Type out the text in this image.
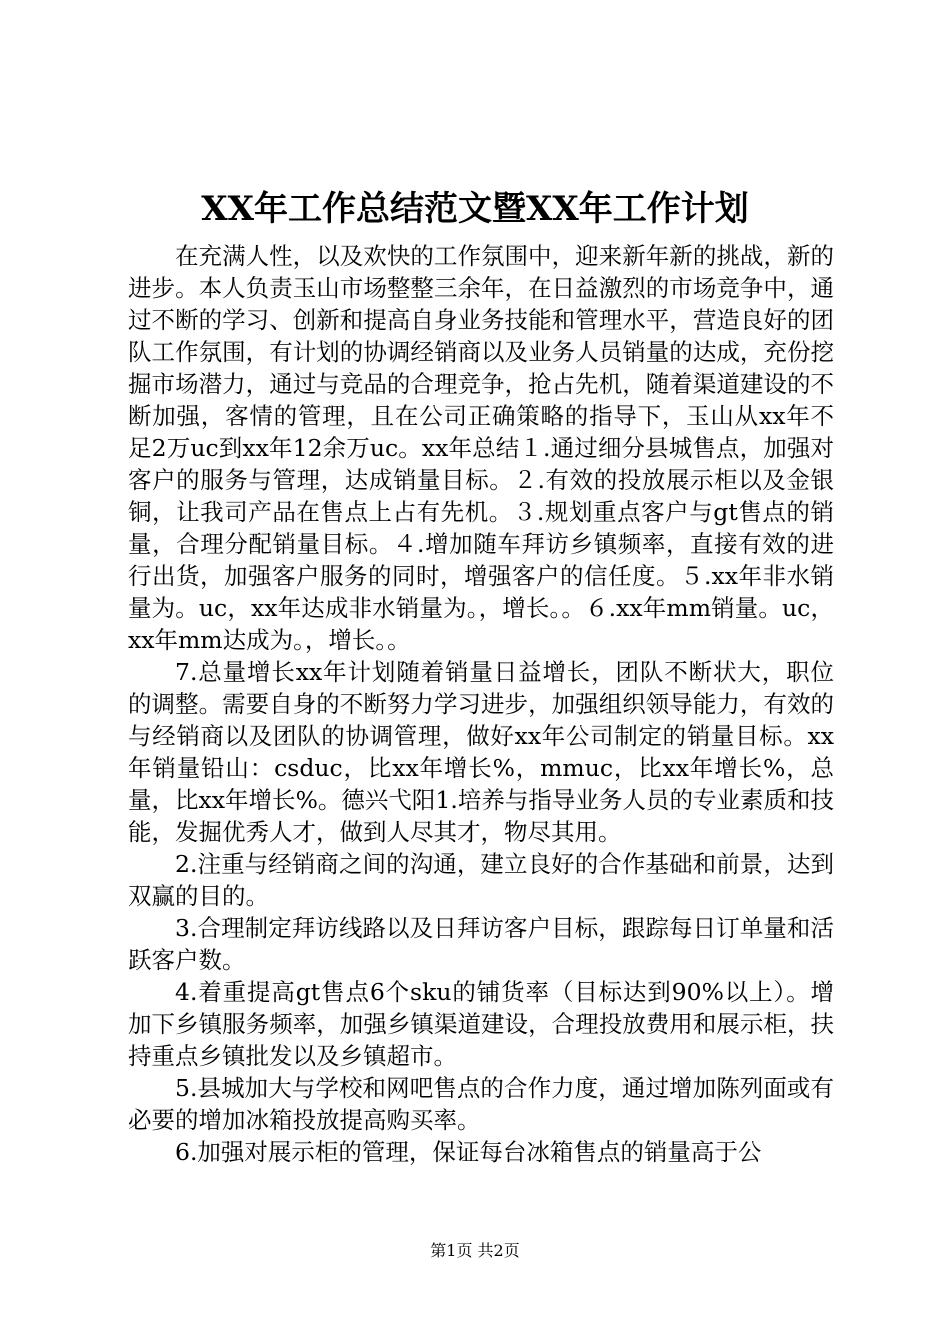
XX年工作总结范文暨XX年工作计划

在充满人性，以及欢快的工作氛围中，迎来新年新的挑战，新的进步。本人负责玉山市场整整三余年，在日益激烈的市场竞争中，通过不断的学习、创新和提高自身业务技能和管理水平，营造良好的团队工作氛围，有计划的协调经销商以及业务人员销量的达成，充份挖掘市场潜力，通过与竞品的合理竞争，抢占先机，随着渠道建设的不断加强，客情的管理，且在公司正确策略的指导下，玉山从xx年不足2万uc到xx年12余万uc。xx年总结１.通过细分县城售点，加强对客户的服务与管理，达成销量目标。２.有效的投放展示柜以及金银铜，让我司产品在售点上占有先机。３.规划重点客户与gt售点的销量，合理分配销量目标。４.增加随车拜访乡镇频率，直接有效的进行出货，加强客户服务的同时，增强客户的信任度。５.xx年非水销量为。uc，xx年达成非水销量为。，增长。。６.xx年mm销量。uc，xx年mm达成为。，增长。。

7.总量增长xx年计划随着销量日益增长，团队不断状大，职位的调整。需要自身的不断努力学习进步，加强组织领导能力，有效的与经销商以及团队的协调管理，做好xx年公司制定的销量目标。xx年销量铅山：csduc，比xx年增长%，mmuc，比xx年增长%，总量，比xx年增长%。德兴弋阳1.培养与指导业务人员的专业素质和技能，发掘优秀人才，做到人尽其才，物尽其用。

2.注重与经销商之间的沟通，建立良好的合作基础和前景，达到双赢的目的。

3.合理制定拜访线路以及日拜访客户目标，跟踪每日订单量和活跃客户数。

4.着重提高gt售点6个sku的铺货率（目标达到90%以上）。增加下乡镇服务频率，加强乡镇渠道建设，合理投放费用和展示柜，扶持重点乡镇批发以及乡镇超市。

5.县城加大与学校和网吧售点的合作力度，通过增加陈列面或有必要的增加冰箱投放提高购买率。

6.加强对展示柜的管理，保证每台冰箱售点的销量高于公

第1页 共2页
